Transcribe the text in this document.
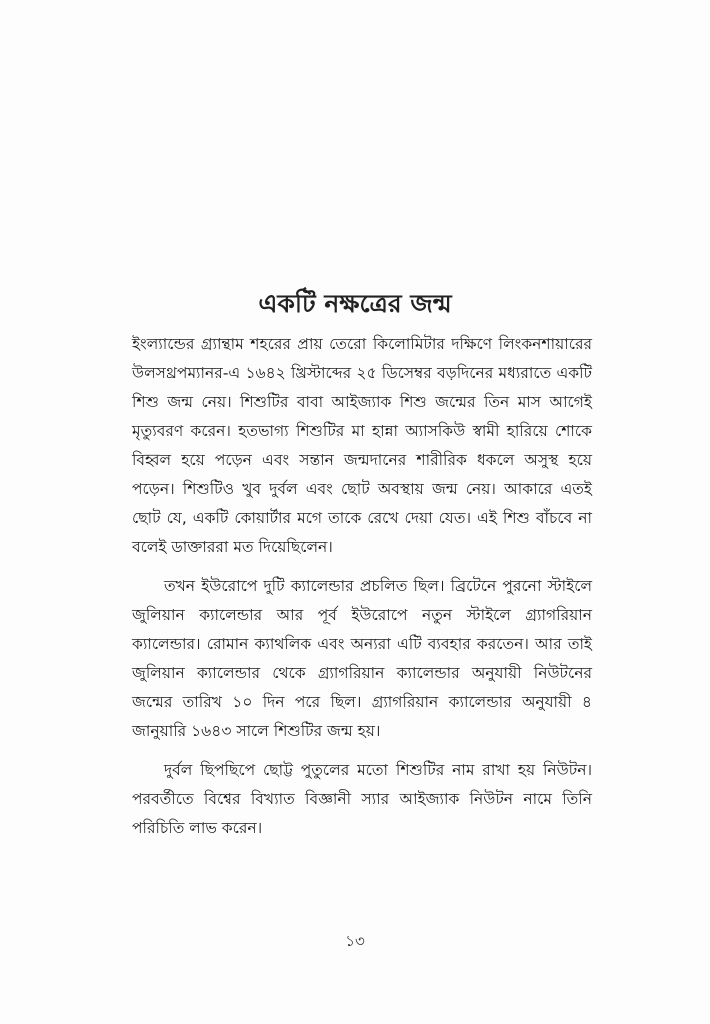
একটি নক্ষত্রের জন্ম

ইংল্যান্ডের গ্র্যান্থাম শহরের প্রায় তেরো কিলোমিটার দক্ষিণে লিংকনশায়ারের উলসথ্রপম্যানর-এ ১৬৪২ খ্রিস্টাব্দের ২৫ ডিসেম্বর বড়দিনের মধ্যরাতে একটি শিশু জন্ম নেয়। শিশুটির বাবা আইজ্যাক শিশু জন্মের তিন মাস আগেই মৃত্যুবরণ করেন। হতভাগ্য শিশুটির মা হান্না অ্যাসকিউ স্বামী হারিয়ে শোকে বিহ্বল হয়ে পড়েন এবং সন্তান জন্মদানের শারীরিক ধকলে অসুস্থ হয়ে পড়েন। শিশুটিও খুব দুর্বল এবং ছোট অবস্থায় জন্ম নেয়। আকারে এতই ছোট যে, একটি কোয়ার্টার মগে তাকে রেখে দেয়া যেত। এই শিশু বাঁচবে না বলেই ডাক্তাররা মত দিয়েছিলেন।

তখন ইউরোপে দুটি ক্যালেন্ডার প্রচলিত ছিল। ব্রিটেনে পুরনো স্টাইলে জুলিয়ান ক্যালেন্ডার আর পূর্ব ইউরোপে নতুন স্টাইলে গ্র্যাগরিয়ান ক্যালেন্ডার। রোমান ক্যাথলিক এবং অন্যরা এটি ব্যবহার করতেন। আর তাই জুলিয়ান ক্যালেন্ডার থেকে গ্র্যাগরিয়ান ক্যালেন্ডার অনুযায়ী নিউটনের জন্মের তারিখ ১০ দিন পরে ছিল। গ্র্যাগরিয়ান ক্যালেন্ডার অনুযায়ী ৪ জানুয়ারি ১৬৪৩ সালে শিশুটির জন্ম হয়।

দুর্বল ছিপছিপে ছোট্ট পুতুলের মতো শিশুটির নাম রাখা হয় নিউটন। পরবর্তীতে বিশ্বের বিখ্যাত বিজ্ঞানী স্যার আইজ্যাক নিউটন নামে তিনি পরিচিতি লাভ করেন।

১৩
